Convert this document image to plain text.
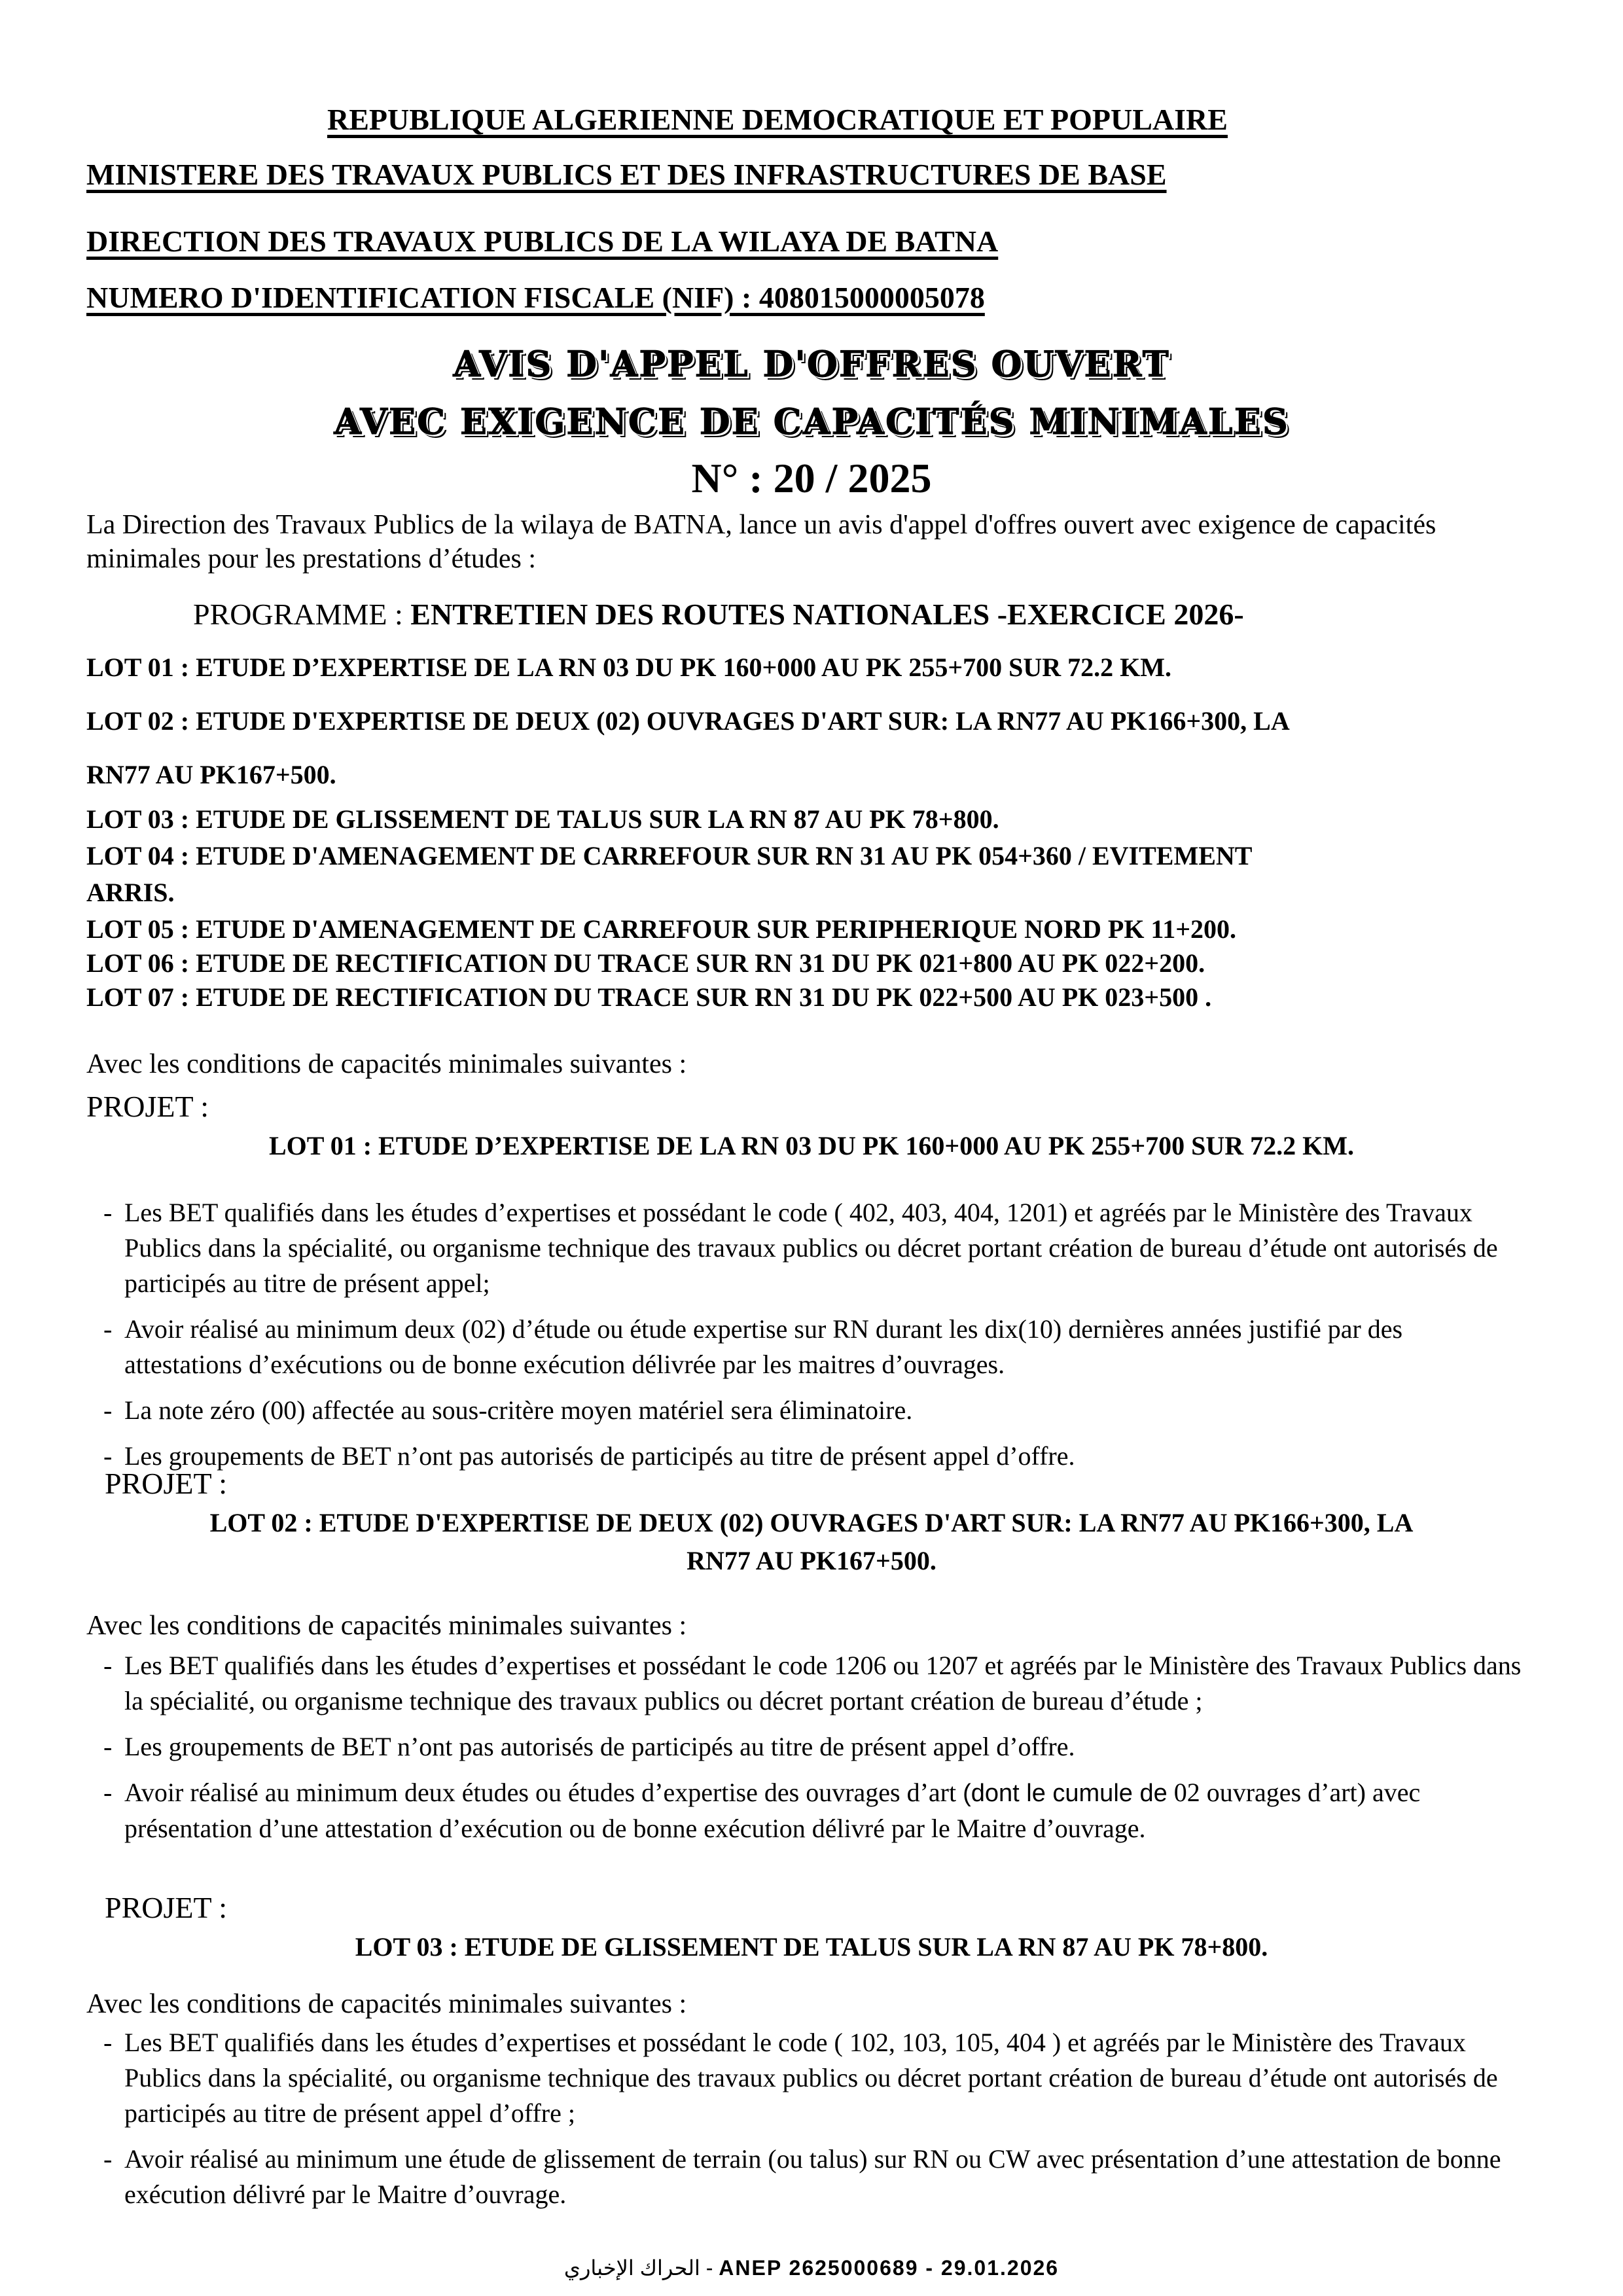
REPUBLIQUE ALGERIENNE DEMOCRATIQUE ET POPULAIRE
MINISTERE DES TRAVAUX PUBLICS ET DES INFRASTRUCTURES DE BASE
DIRECTION DES TRAVAUX PUBLICS DE LA WILAYA DE BATNA
NUMERO D'IDENTIFICATION FISCALE (NIF) : 408015000005078
AVIS D'APPEL D'OFFRES OUVERT
AVEC EXIGENCE DE CAPACITÉS MINIMALES
N° : 20 / 2025
La Direction des Travaux Publics de la wilaya de BATNA, lance un avis d'appel d'offres ouvert avec exigence de capacités minimales pour les prestations d’études :
PROGRAMME : ENTRETIEN DES ROUTES NATIONALES -EXERCICE 2026-
LOT 01 : ETUDE D’EXPERTISE DE LA RN 03 DU PK 160+000 AU PK 255+700 SUR 72.2 KM.
LOT 02 : ETUDE D'EXPERTISE DE DEUX (02) OUVRAGES D'ART SUR: LA RN77 AU PK166+300, LA
RN77 AU PK167+500.
LOT 03 : ETUDE DE GLISSEMENT DE TALUS SUR LA RN 87 AU PK 78+800.
LOT 04 : ETUDE D'AMENAGEMENT DE CARREFOUR SUR RN 31 AU PK 054+360 / EVITEMENT
ARRIS.
LOT 05 : ETUDE D'AMENAGEMENT DE CARREFOUR SUR PERIPHERIQUE NORD PK 11+200.
LOT 06 : ETUDE DE RECTIFICATION DU TRACE SUR RN 31 DU PK 021+800 AU PK 022+200.
LOT 07 : ETUDE DE RECTIFICATION DU TRACE SUR RN 31 DU PK 022+500 AU PK 023+500 .
Avec les conditions de capacités minimales suivantes :
PROJET :
LOT 01 : ETUDE D’EXPERTISE DE LA RN 03 DU PK 160+000 AU PK 255+700 SUR 72.2 KM.
- Les BET qualifiés dans les études d’expertises et possédant le code ( 402, 403, 404, 1201) et agréés par le Ministère des Travaux Publics dans la spécialité, ou organisme technique des travaux publics ou décret portant création de bureau d’étude ont autorisés de participés au titre de présent appel;
- Avoir réalisé au minimum deux (02) d’étude ou étude expertise sur RN durant les dix(10) dernières années justifié par des attestations d’exécutions ou de bonne exécution délivrée par les maitres d’ouvrages.
- La note zéro (00) affectée au sous-critère moyen matériel sera éliminatoire.
- Les groupements de BET n’ont pas autorisés de participés au titre de présent appel d’offre.
PROJET :
LOT 02 : ETUDE D'EXPERTISE DE DEUX (02) OUVRAGES D'ART SUR: LA RN77 AU PK166+300, LA RN77 AU PK167+500.
Avec les conditions de capacités minimales suivantes :
- Les BET qualifiés dans les études d’expertises et possédant le code 1206 ou 1207 et agréés par le Ministère des Travaux Publics dans la spécialité, ou organisme technique des travaux publics ou décret portant création de bureau d’étude ;
- Les groupements de BET n’ont pas autorisés de participés au titre de présent appel d’offre.
- Avoir réalisé au minimum deux études ou études d’expertise des ouvrages d’art (dont le cumule de 02 ouvrages d’art) avec présentation d’une attestation d’exécution ou de bonne exécution délivré par le Maitre d’ouvrage.
PROJET :
LOT 03 : ETUDE DE GLISSEMENT DE TALUS SUR LA RN 87 AU PK 78+800.
Avec les conditions de capacités minimales suivantes :
- Les BET qualifiés dans les études d’expertises et possédant le code ( 102, 103, 105, 404 ) et agréés par le Ministère des Travaux Publics dans la spécialité, ou organisme technique des travaux publics ou décret portant création de bureau d’étude ont autorisés de participés au titre de présent appel d’offre ;
- Avoir réalisé au minimum une étude de glissement de terrain (ou talus) sur RN ou CW avec présentation d’une attestation de bonne exécution délivré par le Maitre d’ouvrage.
الحراك الإخباري - ANEP 2625000689 - 29.01.2026
